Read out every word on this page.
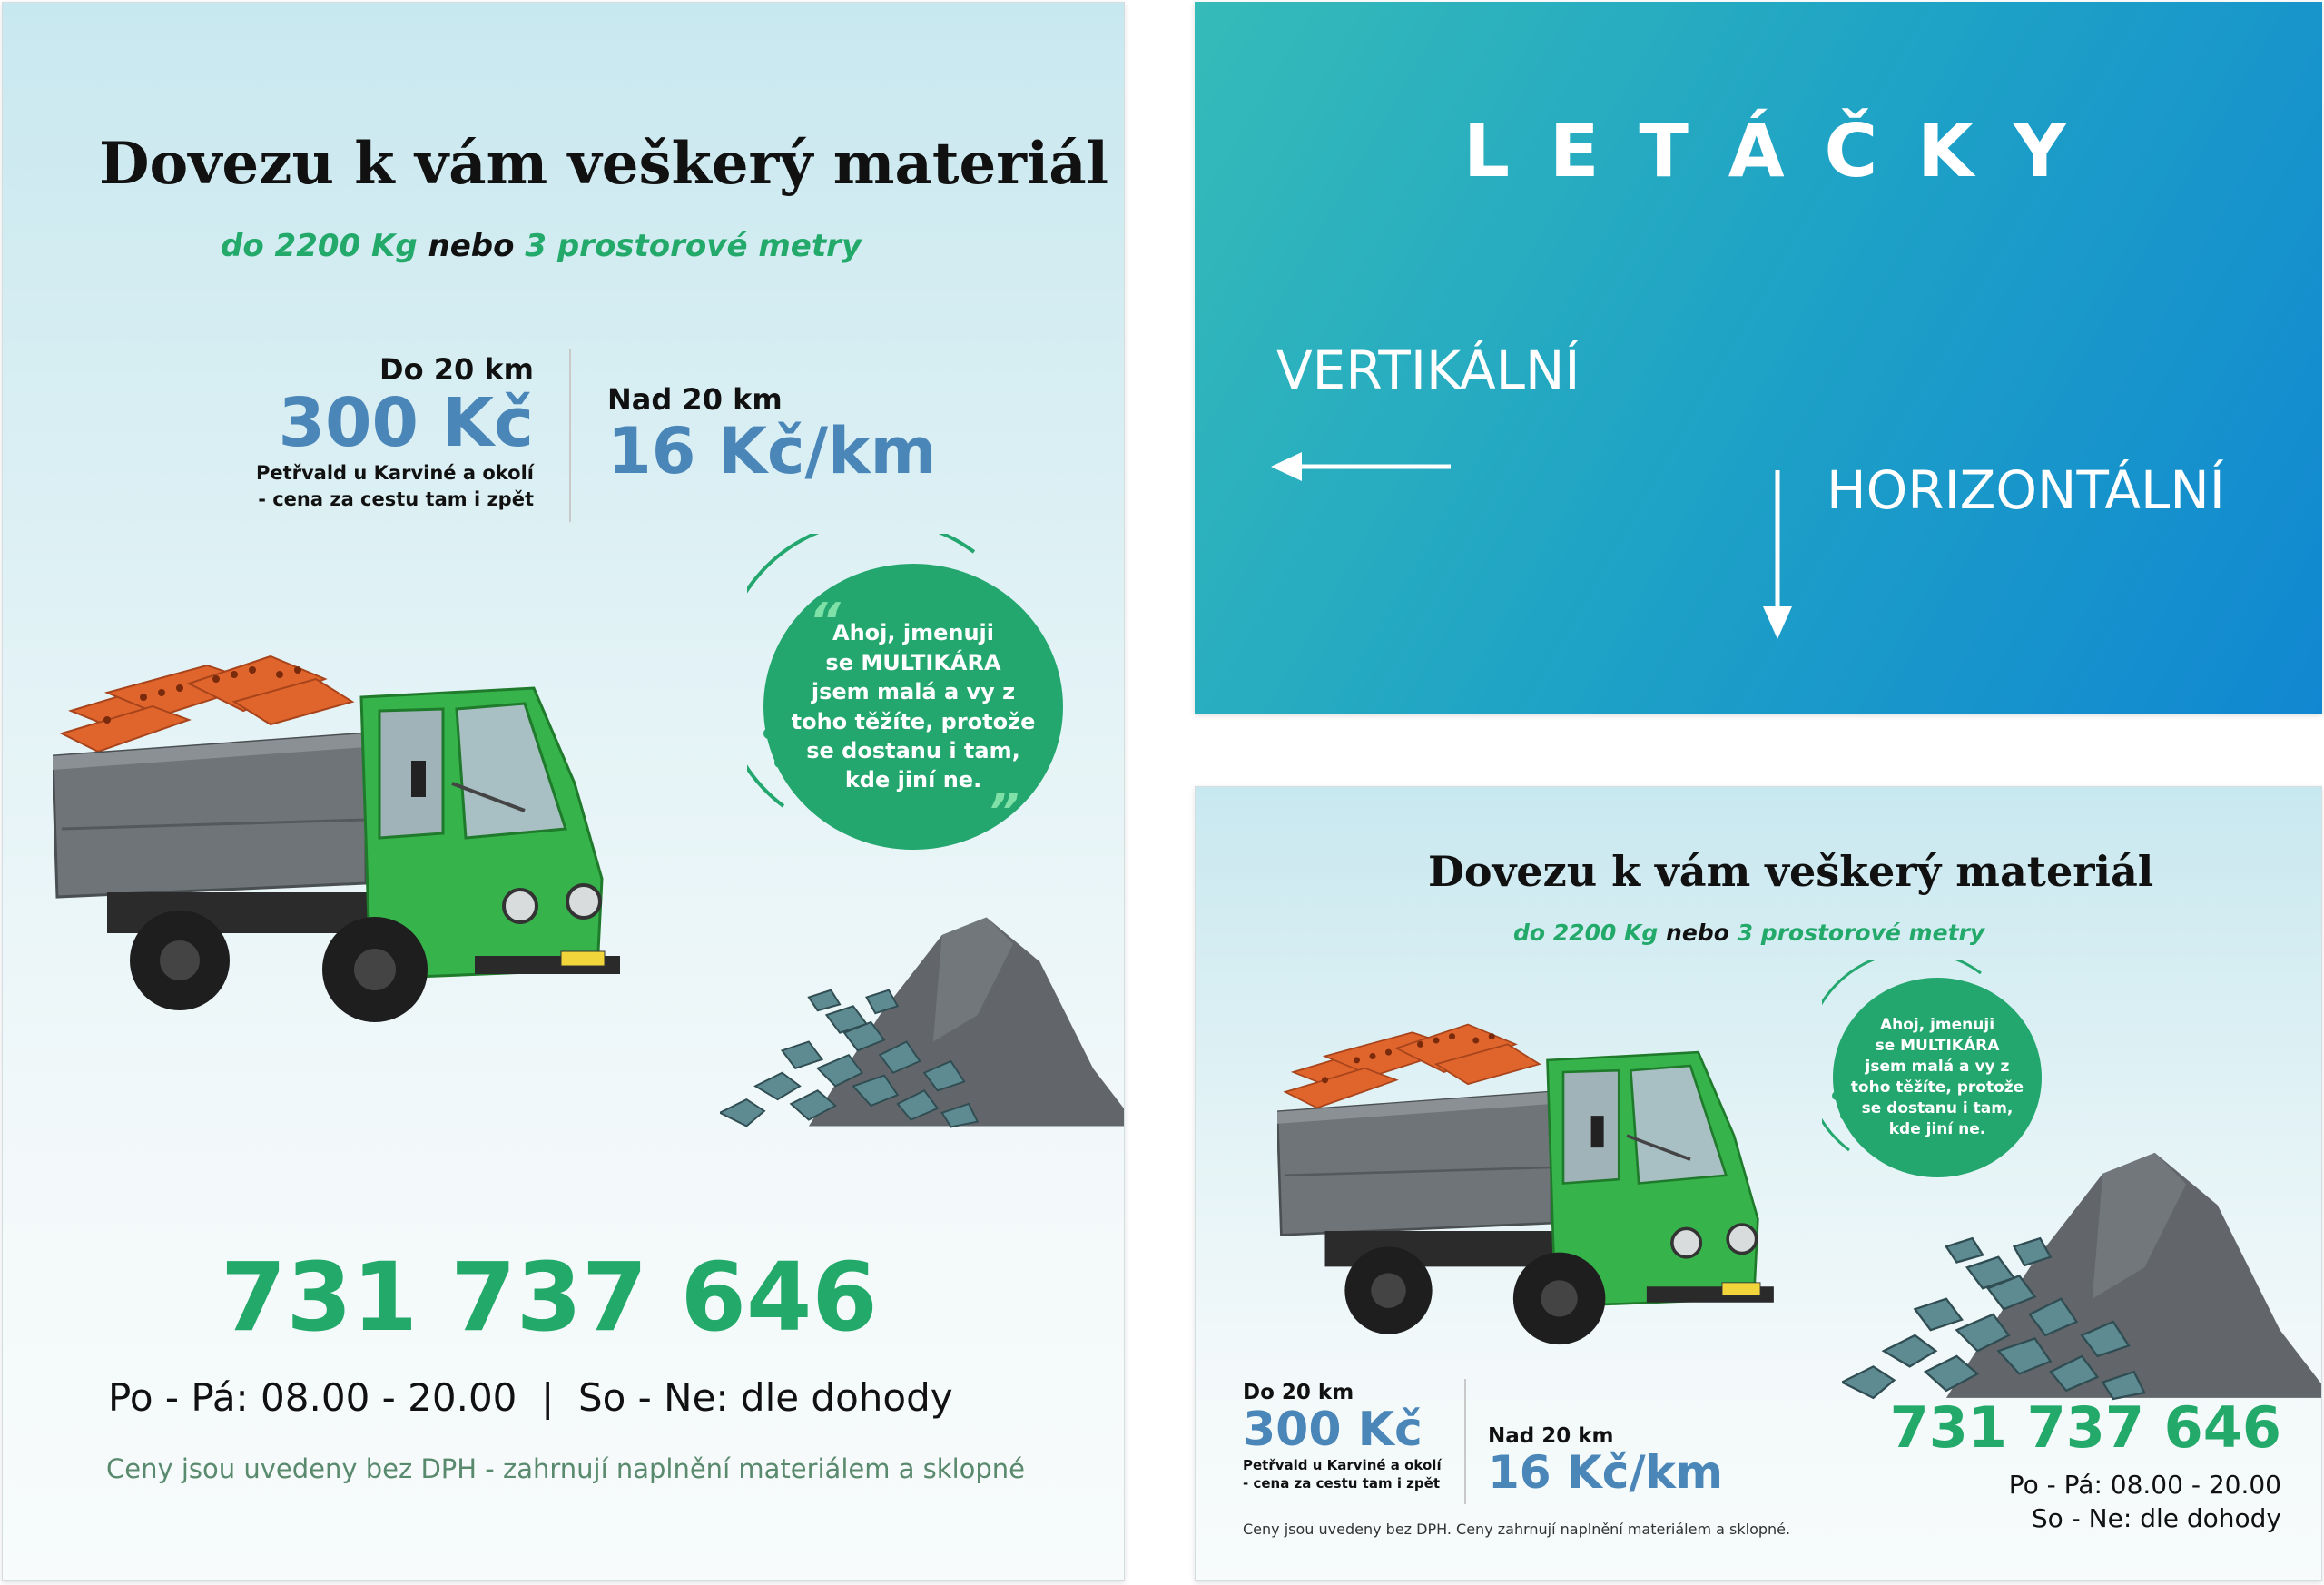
Dovezu k vám veškerý materiál
do 2200 Kg nebo 3 prostorové metry
Do 20 km
300 Kč
Petřvald u Karviné a okolí
- cena za cestu tam i zpět
Nad 20 km
16 Kč/km
Ahoj, jmenuji
se MULTIKÁRA
jsem malá a vy z
toho těžíte, protože
se dostanu i tam,
kde jiní ne.
“
”
731 737 646
Po - Pá: 08.00 - 20.00  |  So - Ne: dle dohody
Ceny jsou uvedeny bez DPH - zahrnují naplnění materiálem a sklopné
L E T Á Č K Y
VERTIKÁLNÍ
HORIZONTÁLNÍ
Dovezu k vám veškerý materiál
do 2200 Kg nebo 3 prostorové metry
Ahoj, jmenuji
se MULTIKÁRA
jsem malá a vy z
toho těžíte, protože
se dostanu i tam,
kde jiní ne.
Do 20 km
300 Kč
Petřvald u Karviné a okolí
- cena za cestu tam i zpět
Nad 20 km
16 Kč/km
Ceny jsou uvedeny bez DPH. Ceny zahrnují naplnění materiálem a sklopné.
731 737 646
Po - Pá: 08.00 - 20.00
So - Ne: dle dohody
